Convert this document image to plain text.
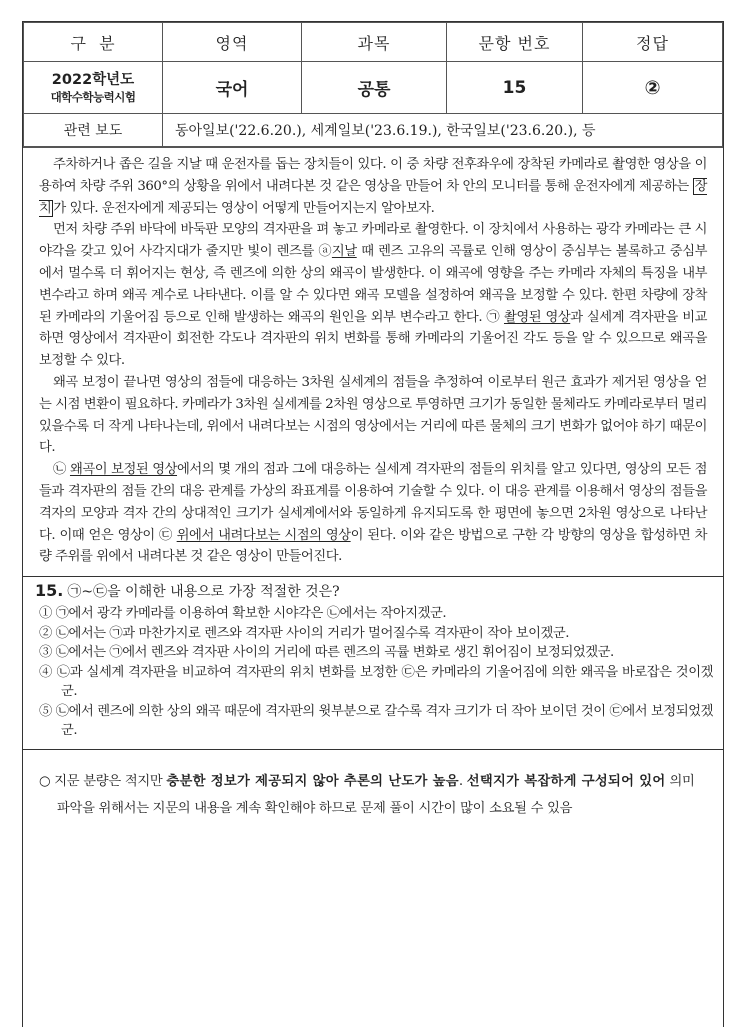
구  분	영역	과목	문항 번호	정답

2022학년도
대학수학능력시험	국어	공통	15	②
관련 보도	동아일보('22.6.20.), 세계일보('23.6.19.), 한국일보('23.6.20.), 등			

주차하거나 좁은 길을 지날 때 운전자를 돕는 장치들이 있다. 이 중 차량 전후좌우에 장착된 카메라로 촬영한 영상을 이용하여 차량 주위 360°의 상황을 위에서 내려다본 것 같은 영상을 만들어 차 안의 모니터를 통해 운전자에게 제공하는 장치 가 있다. 운전자에게 제공되는 영상이 어떻게 만들어지는지 알아보자.

먼저 차량 주위 바닥에 바둑판 모양의 격자판을 펴 놓고 카메라로 촬영한다. 이 장치에서 사용하는 광각 카메라는 큰 시야각을 갖고 있어 사각지대가 줄지만 빛이 렌즈를 ⓐ지날 때 렌즈 고유의 곡률로 인해 영상이 중심부는 볼록하고 중심부에서 멀수록 더 휘어지는 현상, 즉 렌즈에 의한 상의 왜곡이 발생한다. 이 왜곡에 영향을 주는 카메라 자체의 특징을 내부 변수라고 하며 왜곡 계수로 나타낸다. 이를 알 수 있다면 왜곡 모델을 설정하여 왜곡을 보정할 수 있다. 한편 차량에 장착된 카메라의 기울어짐 등으로 인해 발생하는 왜곡의 원인을 외부 변수라고 한다. ㉠ 촬영된 영상과 실세계 격자판을 비교하면 영상에서 격자판이 회전한 각도나 격자판의 위치 변화를 통해 카메라의 기울어진 각도 등을 알 수 있으므로 왜곡을 보정할 수 있다.

왜곡 보정이 끝나면 영상의 점들에 대응하는 3차원 실세계의 점들을 추정하여 이로부터 원근 효과가 제거된 영상을 얻는 시점 변환이 필요하다. 카메라가 3차원 실세계를 2차원 영상으로 투영하면 크기가 동일한 물체라도 카메라로부터 멀리 있을수록 더 작게 나타나는데, 위에서 내려다보는 시점의 영상에서는 거리에 따른 물체의 크기 변화가 없어야 하기 때문이다.

㉡ 왜곡이 보정된 영상에서의 몇 개의 점과 그에 대응하는 실세계 격자판의 점들의 위치를 알고 있다면, 영상의 모든 점들과 격자판의 점들 간의 대응 관계를 가상의 좌표계를 이용하여 기술할 수 있다. 이 대응 관계를 이용해서 영상의 점들을 격자의 모양과 격자 간의 상대적인 크기가 실세계에서와 동일하게 유지되도록 한 평면에 놓으면 2차원 영상으로 나타난다. 이때 얻은 영상이 ㉢ 위에서 내려다보는 시점의 영상이 된다. 이와 같은 방법으로 구한 각 방향의 영상을 합성하면 차량 주위를 위에서 내려다본 것 같은 영상이 만들어진다.

15. ㉠~㉢을 이해한 내용으로 가장 적절한 것은?

① ㉠에서 광각 카메라를 이용하여 확보한 시야각은 ㉡에서는 작아지겠군.

② ㉡에서는 ㉠과 마찬가지로 렌즈와 격자판 사이의 거리가 멀어질수록 격자판이 작아 보이겠군.

③ ㉡에서는 ㉠에서 렌즈와 격자판 사이의 거리에 따른 렌즈의 곡률 변화로 생긴 휘어짐이 보정되었겠군.

④ ㉡과 실세계 격자판을 비교하여 격자판의 위치 변화를 보정한 ㉢은 카메라의 기울어짐에 의한 왜곡을 바로잡은 것이겠군.

⑤ ㉡에서 렌즈에 의한 상의 왜곡 때문에 격자판의 윗부분으로 갈수록 격자 크기가 더 작아 보이던 것이 ㉢에서 보정되었겠군.

○ 지문 분량은 적지만 충분한 정보가 제공되지 않아 추론의 난도가 높음. 선택지가 복잡하게 구성되어 있어 의미 파악을 위해서는 지문의 내용을 계속 확인해야 하므로 문제 풀이 시간이 많이 소요될 수 있음
